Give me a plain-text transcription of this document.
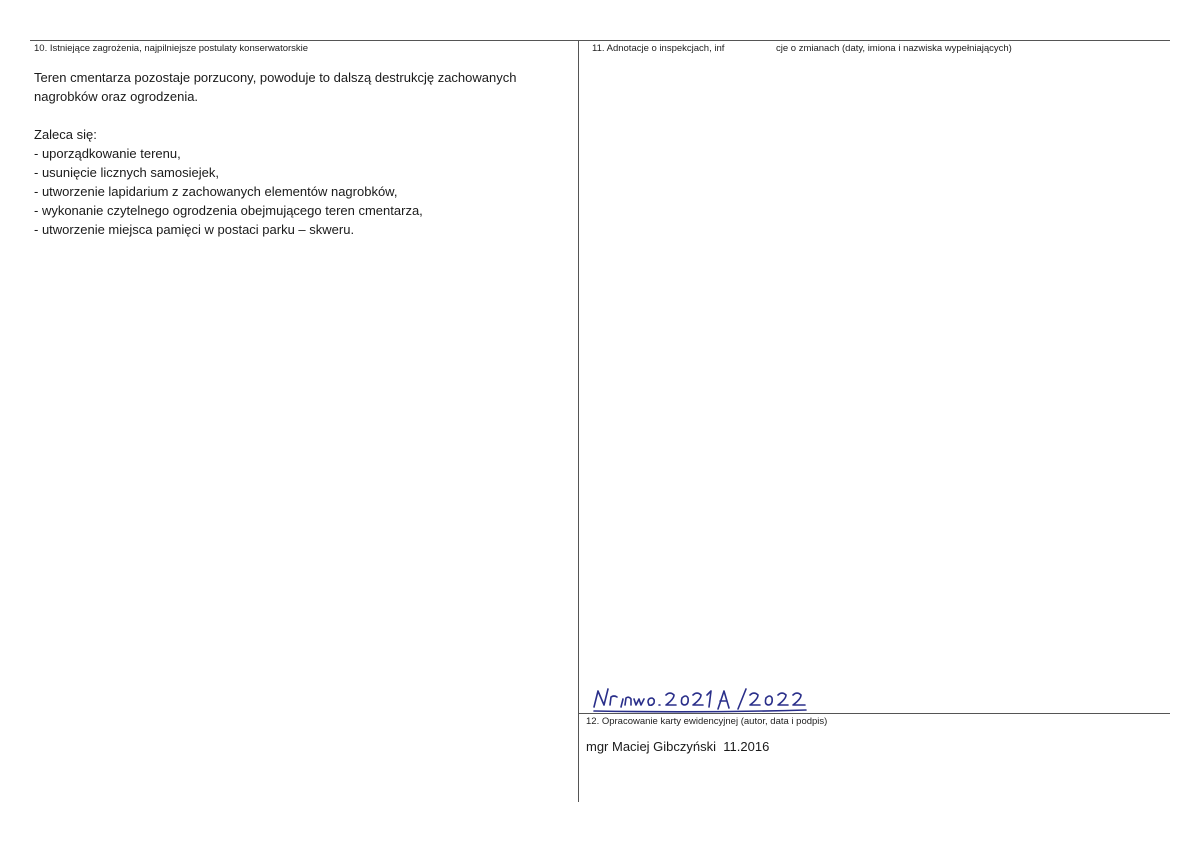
10. Istniejące zagrożenia, najpilniejsze postulaty konserwatorskie

Teren cmentarza pozostaje porzucony, powoduje to dalszą destrukcję zachowanych

nagrobków oraz ogrodzenia.

Zaleca się:

- uporządkowanie terenu,

- usunięcie licznych samosiejek,

- utworzenie lapidarium z zachowanych elementów nagrobków,

- wykonanie czytelnego ogrodzenia obejmującego teren cmentarza,

- utworzenie miejsca pamięci w postaci parku – skweru.

11. Adnotacje o inspekcjach, inf	cje o zmianach (daty, imiona i nazwiska wypełniających)
12. Opracowanie karty ewidencyjnej (autor, data i podpis)
mgr Maciej Gibczyński 11.2016
